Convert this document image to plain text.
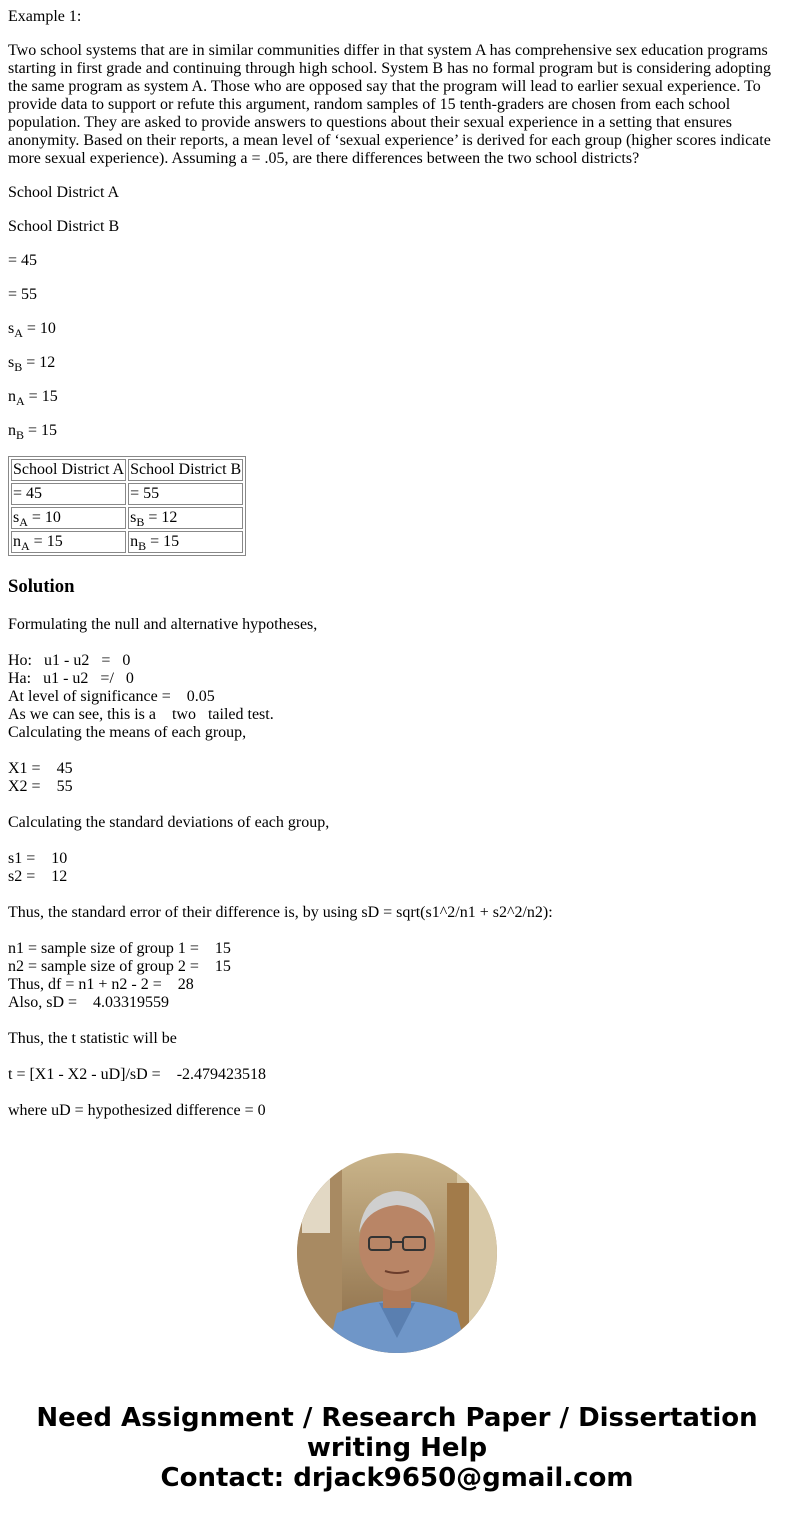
Example 1:

Two school systems that are in similar communities differ in that system A has comprehensive sex education programs starting in first grade and continuing through high school. System B has no formal program but is considering adopting the same program as system A. Those who are opposed say that the program will lead to earlier sexual experience. To provide data to support or refute this argument, random samples of 15 tenth-graders are chosen from each school population. They are asked to provide answers to questions about their sexual experience in a setting that ensures anonymity. Based on their reports, a mean level of ‘sexual experience’ is derived for each group (higher scores indicate more sexual experience). Assuming a = .05, are there differences between the two school districts?

School District A

School District B

= 45

= 55

$s_A = 10$

$s_B = 12$

$n_A = 15$

$n_B = 15$

School District A	School District B
= 45	= 55
$s_A = 10$	$s_B = 12$
$n_A = 15$	$n_B = 15$
Solution
Formulating the null and alternative hypotheses,
Ho:   u1 - u2   =   0
Ha:   u1 - u2   =/   0
At level of significance =    0.05
As we can see, this is a    two   tailed test.
Calculating the means of each group,
X1 =    45
X2 =    55
Calculating the standard deviations of each group,
s1 =    10
s2 =    12
Thus, the standard error of their difference is, by using sD = sqrt(s1^2/n1 + s2^2/n2):
n1 = sample size of group 1 =    15
n2 = sample size of group 2 =    15
Thus, df = n1 + n2 - 2 =    28
Also, sD =    4.03319559
Thus, the t statistic will be
t = [X1 - X2 - uD]/sD =    -2.479423518
where uD = hypothesized difference = 0
Need Assignment / Research Paper / Dissertation
writing Help
Contact: drjack9650@gmail.com
